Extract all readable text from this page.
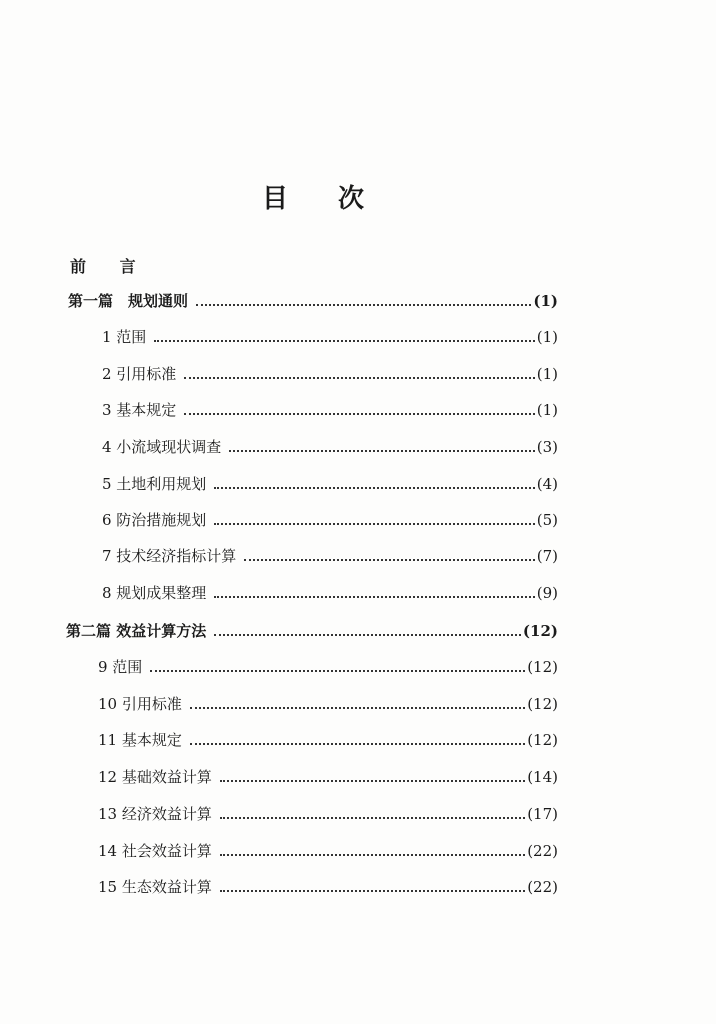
目 次
前 言
第一篇　规划通则	(1)
1 范围	(1)
2 引用标准	(1)
3 基本规定	(1)
4 小流域现状调查	(3)
5 土地利用规划	(4)
6 防治措施规划	(5)
7 技术经济指标计算	(7)
8 规划成果整理	(9)
第二篇 效益计算方法	(12)
9 范围	(12)
10 引用标准	(12)
11 基本规定	(12)
12 基础效益计算	(14)
13 经济效益计算	(17)
14 社会效益计算	(22)
15 生态效益计算	(22)
